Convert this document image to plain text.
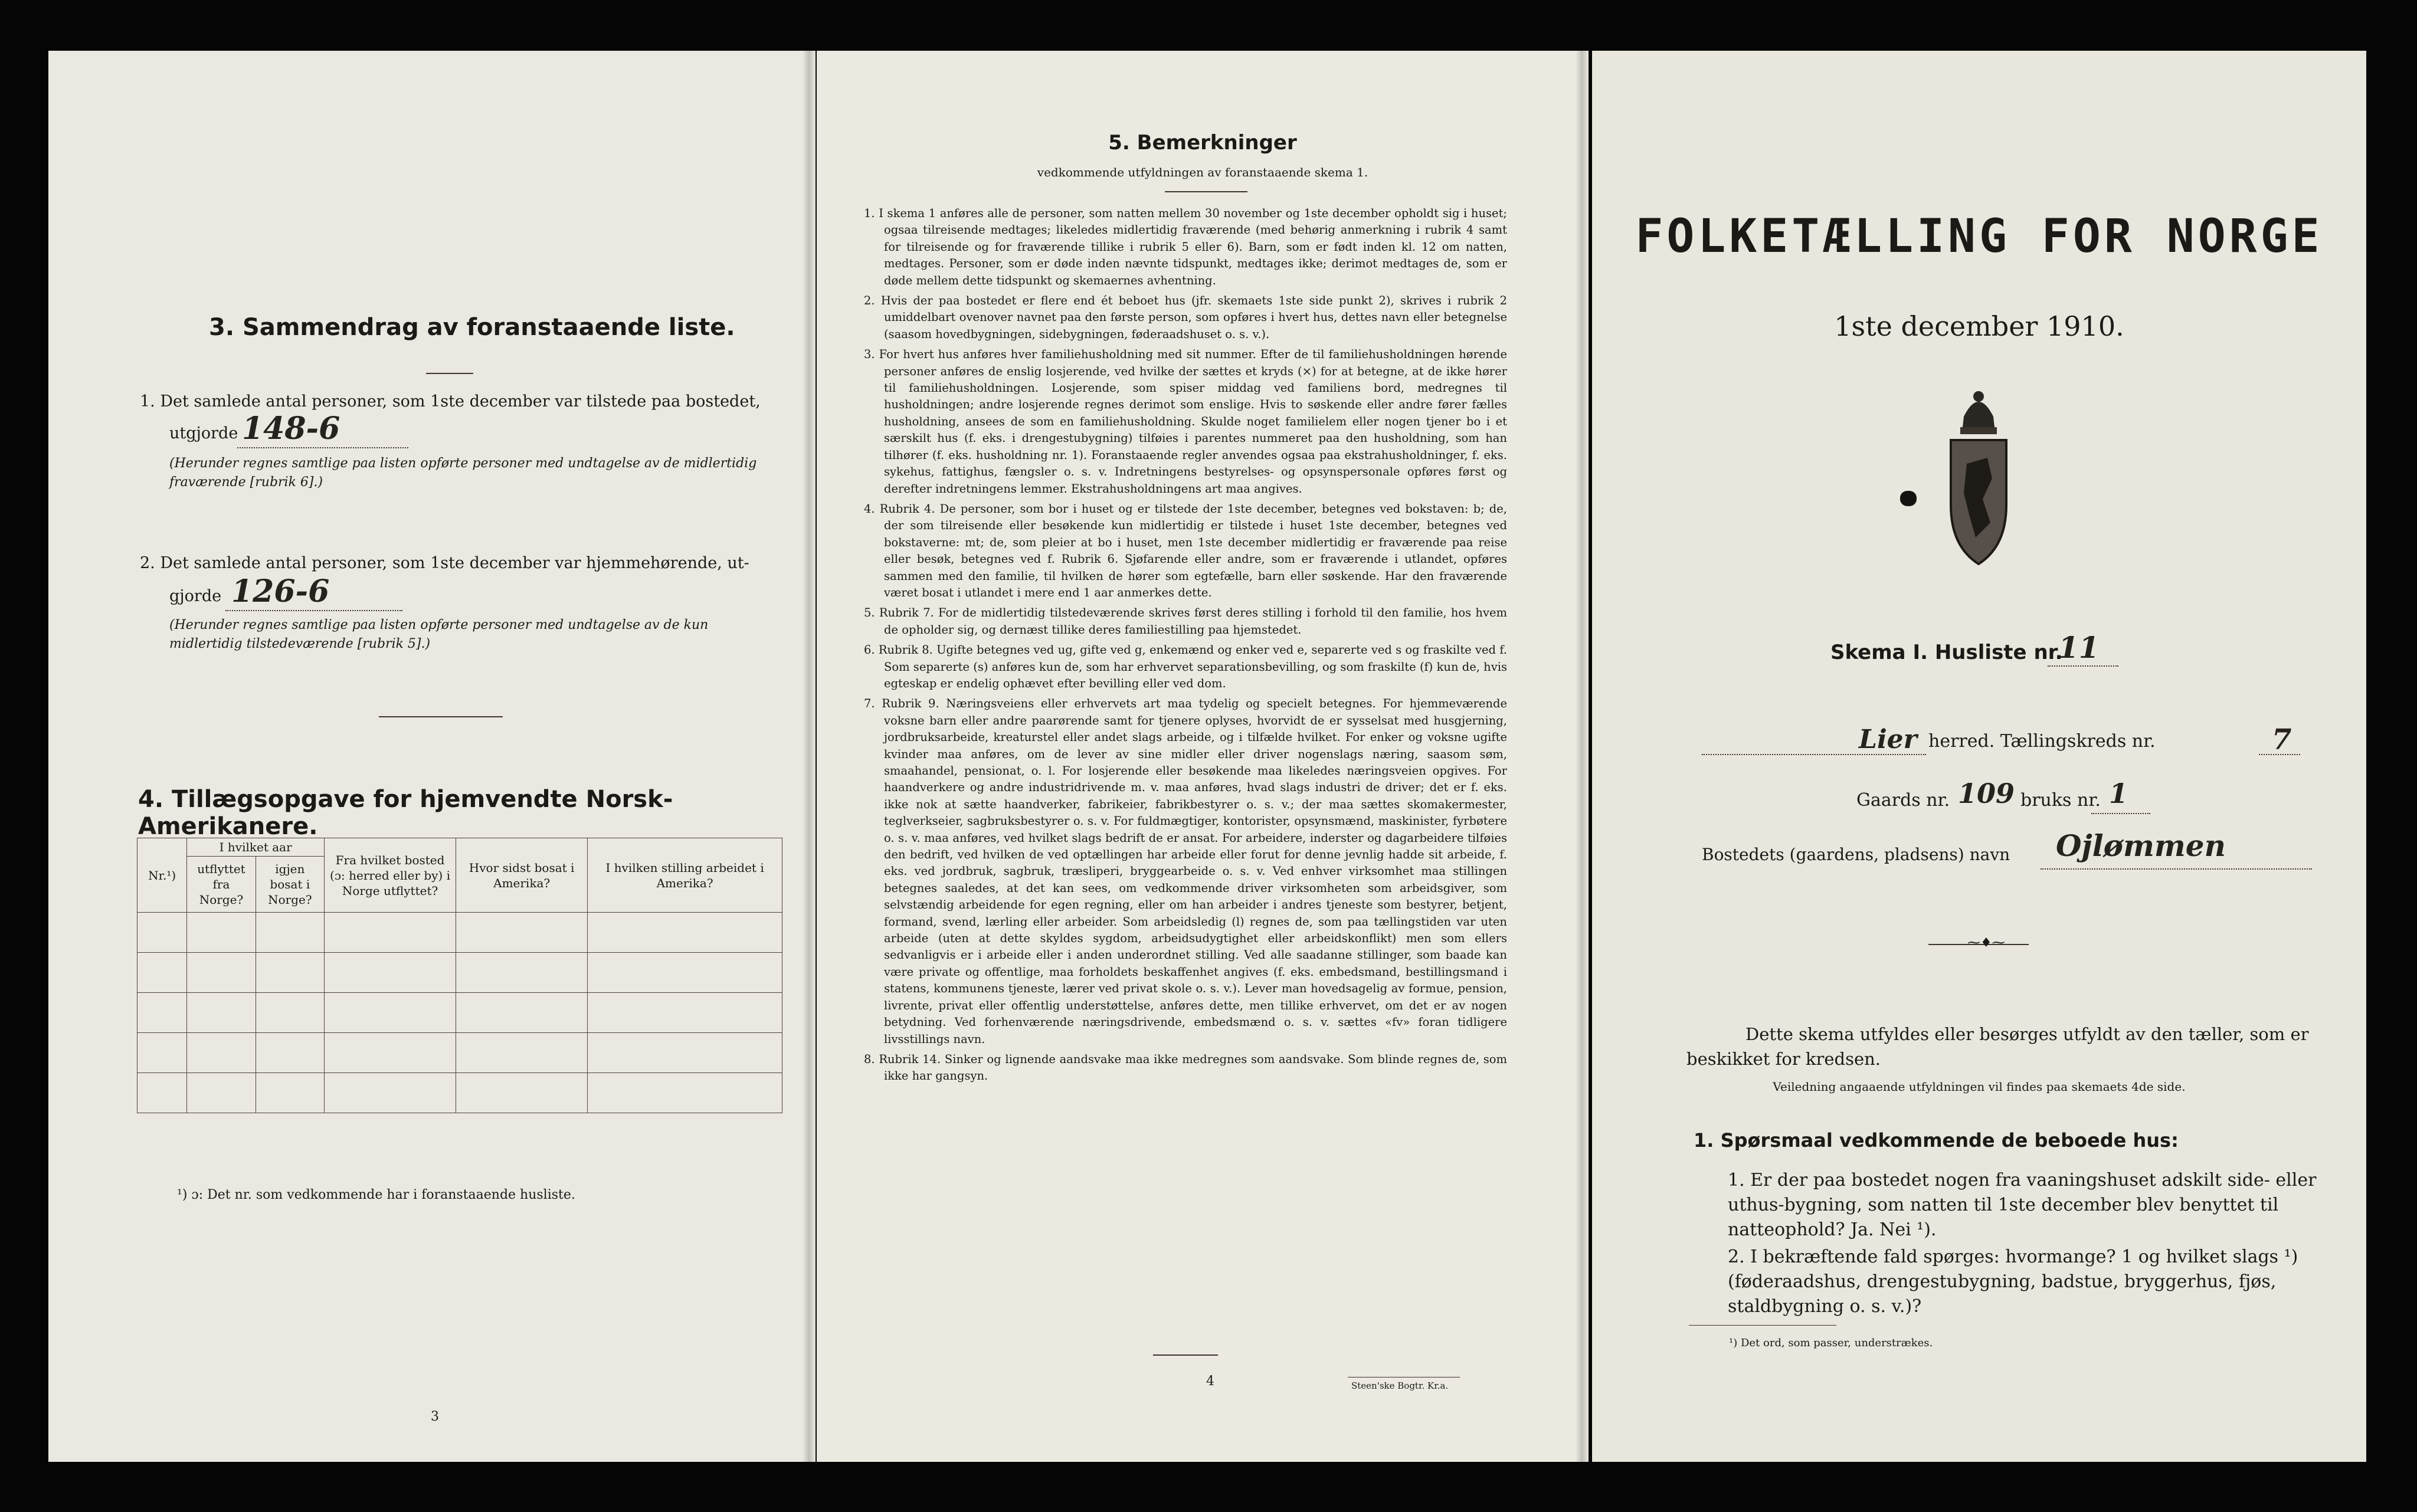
3. Sammendrag av foranstaaende liste.
1. Det samlede antal personer, som 1ste december var tilstede paa bostedet,
utgjorde 148-6
(Herunder regnes samtlige paa listen opførte personer med undtagelse av de midlertidig fraværende [rubrik 6].)
2. Det samlede antal personer, som 1ste december var hjemmehørende, ut-
gjorde 126-6
(Herunder regnes samtlige paa listen opførte personer med undtagelse av de kun midlertidig tilstedeværende [rubrik 5].)
4. Tillægsopgave for hjemvendte Norsk-Amerikanere.
Nr.¹)	I hvilket aar		Fra hvilket bosted (ɔ: herred eller by) i Norge utflyttet?	Hvor sidst bosat i Amerika?	I hvilken stilling arbeidet i Amerika?
	utflyttet fra Norge?	igjen bosat i Norge?			

¹) ɔ: Det nr. som vedkommende har i foranstaaende husliste.
3
5. Bemerkninger
vedkommende utfyldningen av foranstaaende skema 1.
1. I skema 1 anføres alle de personer, som natten mellem 30 november og 1ste december opholdt sig i huset; ogsaa tilreisende medtages; likeledes midlertidig fraværende (med behørig anmerkning i rubrik 4 samt for tilreisende og for fraværende tillike i rubrik 5 eller 6). Barn, som er født inden kl. 12 om natten, medtages. Personer, som er døde inden nævnte tidspunkt, medtages ikke; derimot medtages de, som er døde mellem dette tidspunkt og skemaernes avhentning.
2. Hvis der paa bostedet er flere end ét beboet hus (jfr. skemaets 1ste side punkt 2), skrives i rubrik 2 umiddelbart ovenover navnet paa den første person, som opføres i hvert hus, dettes navn eller betegnelse (saasom hovedbygningen, sidebygningen, føderaadshuset o. s. v.).
3. For hvert hus anføres hver familiehusholdning med sit nummer. Efter de til familiehusholdningen hørende personer anføres de enslig losjerende, ved hvilke der sættes et kryds (×) for at betegne, at de ikke hører til familiehusholdningen. Losjerende, som spiser middag ved familiens bord, medregnes til husholdningen; andre losjerende regnes derimot som enslige. Hvis to søskende eller andre fører fælles husholdning, ansees de som en familiehusholdning. Skulde noget familielem eller nogen tjener bo i et særskilt hus (f. eks. i drengestubygning) tilføies i parentes nummeret paa den husholdning, som han tilhører (f. eks. husholdning nr. 1). Foranstaaende regler anvendes ogsaa paa ekstrahusholdninger, f. eks. sykehus, fattighus, fængsler o. s. v. Indretningens bestyrelses- og opsynspersonale opføres først og derefter indretningens lemmer. Ekstrahusholdningens art maa angives.
4. Rubrik 4. De personer, som bor i huset og er tilstede der 1ste december, betegnes ved bokstaven: b; de, der som tilreisende eller besøkende kun midlertidig er tilstede i huset 1ste december, betegnes ved bokstaverne: mt; de, som pleier at bo i huset, men 1ste december midlertidig er fraværende paa reise eller besøk, betegnes ved f. Rubrik 6. Sjøfarende eller andre, som er fraværende i utlandet, opføres sammen med den familie, til hvilken de hører som egtefælle, barn eller søskende. Har den fraværende været bosat i utlandet i mere end 1 aar anmerkes dette.
5. Rubrik 7. For de midlertidig tilstedeværende skrives først deres stilling i forhold til den familie, hos hvem de opholder sig, og dernæst tillike deres familiestilling paa hjemstedet.
6. Rubrik 8. Ugifte betegnes ved ug, gifte ved g, enkemænd og enker ved e, separerte ved s og fraskilte ved f. Som separerte (s) anføres kun de, som har erhvervet separationsbevilling, og som fraskilte (f) kun de, hvis egteskap er endelig ophævet efter bevilling eller ved dom.
7. Rubrik 9. Næringsveiens eller erhvervets art maa tydelig og specielt betegnes. For hjemmeværende voksne barn eller andre paarørende samt for tjenere oplyses, hvorvidt de er sysselsat med husgjerning, jordbruksarbeide, kreaturstel eller andet slags arbeide, og i tilfælde hvilket. For enker og voksne ugifte kvinder maa anføres, om de lever av sine midler eller driver nogenslags næring, saasom søm, smaahandel, pensionat, o. l. For losjerende eller besøkende maa likeledes næringsveien opgives. For haandverkere og andre industridrivende m. v. maa anføres, hvad slags industri de driver; det er f. eks. ikke nok at sætte haandverker, fabrikeier, fabrikbestyrer o. s. v.; der maa sættes skomakermester, teglverkseier, sagbruksbestyrer o. s. v. For fuldmægtiger, kontorister, opsynsmænd, maskinister, fyrbøtere o. s. v. maa anføres, ved hvilket slags bedrift de er ansat. For arbeidere, inderster og dagarbeidere tilføies den bedrift, ved hvilken de ved optællingen har arbeide eller forut for denne jevnlig hadde sit arbeide, f. eks. ved jordbruk, sagbruk, træsliperi, bryggearbeide o. s. v. Ved enhver virksomhet maa stillingen betegnes saaledes, at det kan sees, om vedkommende driver virksomheten som arbeidsgiver, som selvstændig arbeidende for egen regning, eller om han arbeider i andres tjeneste som bestyrer, betjent, formand, svend, lærling eller arbeider. Som arbeidsledig (l) regnes de, som paa tællingstiden var uten arbeide (uten at dette skyldes sygdom, arbeidsudygtighet eller arbeidskonflikt) men som ellers sedvanligvis er i arbeide eller i anden underordnet stilling. Ved alle saadanne stillinger, som baade kan være private og offentlige, maa forholdets beskaffenhet angives (f. eks. embedsmand, bestillingsmand i statens, kommunens tjeneste, lærer ved privat skole o. s. v.). Lever man hovedsagelig av formue, pension, livrente, privat eller offentlig understøttelse, anføres dette, men tillike erhvervet, om det er av nogen betydning. Ved forhenværende næringsdrivende, embedsmænd o. s. v. sættes «fv» foran tidligere livsstillings navn.
8. Rubrik 14. Sinker og lignende aandsvake maa ikke medregnes som aandsvake. Som blinde regnes de, som ikke har gangsyn.
4	Steen'ske Bogtr. Kr.a.
FOLKETÆLLING FOR NORGE
1ste december 1910.
Skema I. Husliste nr.
11
Lier herred. Tællingskreds nr.	7
Gaards nr. 109 bruks nr. 1
Bostedets (gaardens, pladsens) navn Ojlømmen
⁓♦⁓
Dette skema utfyldes eller besørges utfyldt av den tæller, som er beskikket for kredsen.
Veiledning angaaende utfyldningen vil findes paa skemaets 4de side.
1. Spørsmaal vedkommende de beboede hus:
1. Er der paa bostedet nogen fra vaaningshuset adskilt side- eller uthus-bygning, som natten til 1ste december blev benyttet til natteophold? Ja. Nei ¹).
2. I bekræftende fald spørges: hvormange? 1 og hvilket slags ¹) (føderaadshus, drengestubygning, badstue, bryggerhus, fjøs, staldbygning o. s. v.)?
¹) Det ord, som passer, understrækes.
